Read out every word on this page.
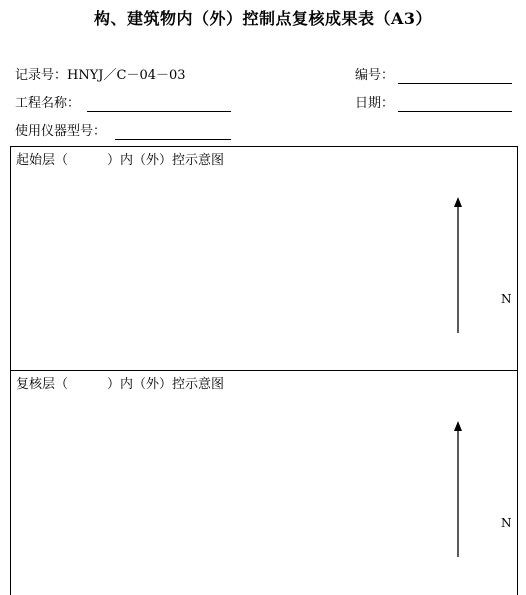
构、建筑物内（外）控制点复核成果表（A3）
记录号：HNYJ／C－04－03	编号：
工程名称：	日期：
使用仪器型号：
起始层（　　　）内（外）控示意图
N
复核层（　　　）内（外）控示意图
N
